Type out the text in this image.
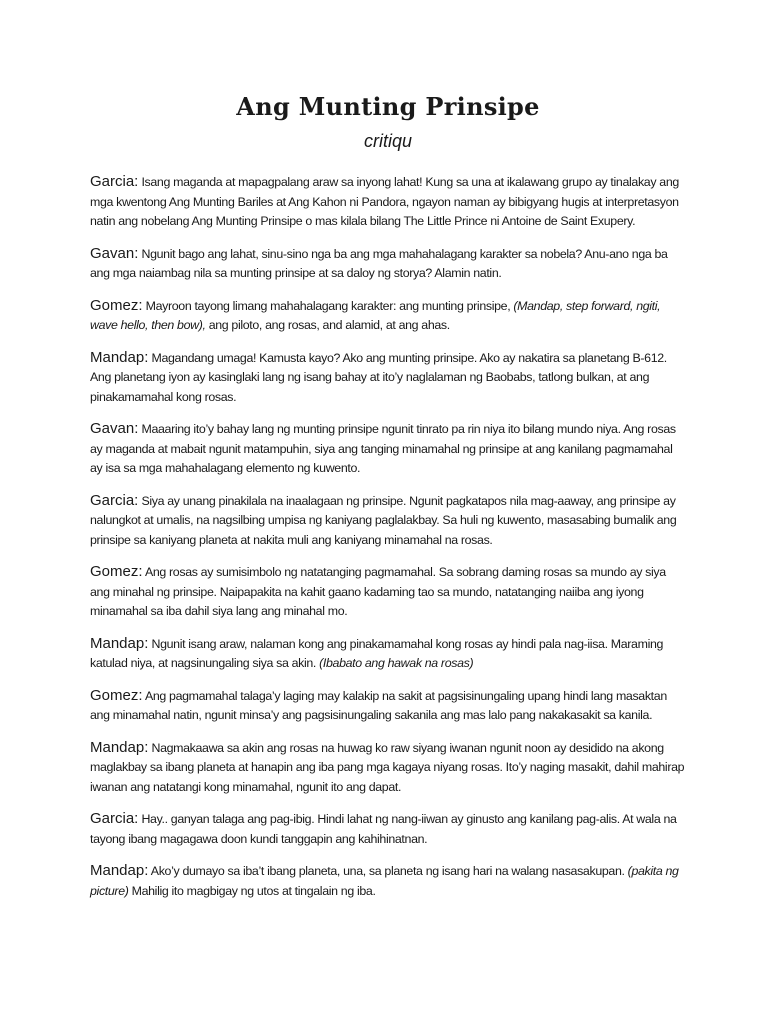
Ang Munting Prinsipe
critiqu

Garcia: Isang maganda at mapagpalang araw sa inyong lahat! Kung sa una at ikalawang grupo ay tinalakay ang mga kwentong Ang Munting Bariles at Ang Kahon ni Pandora, ngayon naman ay bibigyang hugis at interpretasyon natin ang nobelang Ang Munting Prinsipe o mas kilala bilang The Little Prince ni Antoine de Saint Exupery.

Gavan: Ngunit bago ang lahat, sinu-sino nga ba ang mga mahahalagang karakter sa nobela? Anu-ano nga ba ang mga naiambag nila sa munting prinsipe at sa daloy ng storya? Alamin natin.

Gomez: Mayroon tayong limang mahahalagang karakter: ang munting prinsipe, (Mandap, step forward, ngiti, wave hello, then bow), ang piloto, ang rosas, and alamid, at ang ahas.

Mandap: Magandang umaga! Kamusta kayo? Ako ang munting prinsipe. Ako ay nakatira sa planetang B-612. Ang planetang iyon ay kasinglaki lang ng isang bahay at ito’y naglalaman ng Baobabs, tatlong bulkan, at ang pinakamamahal kong rosas.

Gavan: Maaaring ito’y bahay lang ng munting prinsipe ngunit tinrato pa rin niya ito bilang mundo niya. Ang rosas ay maganda at mabait ngunit matampuhin, siya ang tanging minamahal ng prinsipe at ang kanilang pagmamahal ay isa sa mga mahahalagang elemento ng kuwento.

Garcia: Siya ay unang pinakilala na inaalagaan ng prinsipe. Ngunit pagkatapos nila mag-aaway, ang prinsipe ay nalungkot at umalis, na nagsilbing umpisa ng kaniyang paglalakbay. Sa huli ng kuwento, masasabing bumalik ang prinsipe sa kaniyang planeta at nakita muli ang kaniyang minamahal na rosas.

Gomez: Ang rosas ay sumisimbolo ng natatanging pagmamahal. Sa sobrang daming rosas sa mundo ay siya ang minahal ng prinsipe. Naipapakita na kahit gaano kadaming tao sa mundo, natatanging naiiba ang iyong minamahal sa iba dahil siya lang ang minahal mo.

Mandap: Ngunit isang araw, nalaman kong ang pinakamamahal kong rosas ay hindi pala nag-iisa. Maraming katulad niya, at nagsinungaling siya sa akin. (Ibabato ang hawak na rosas)

Gomez: Ang pagmamahal talaga’y laging may kalakip na sakit at pagsisinungaling upang hindi lang masaktan ang minamahal natin, ngunit minsa’y ang pagsisinungaling sakanila ang mas lalo pang nakakasakit sa kanila.

Mandap: Nagmakaawa sa akin ang rosas na huwag ko raw siyang iwanan ngunit noon ay desidido na akong maglakbay sa ibang planeta at hanapin ang iba pang mga kagaya niyang rosas. Ito’y naging masakit, dahil mahirap iwanan ang natatangi kong minamahal, ngunit ito ang dapat.

Garcia: Hay.. ganyan talaga ang pag-ibig. Hindi lahat ng nang-iiwan ay ginusto ang kanilang pag-alis. At wala na tayong ibang magagawa doon kundi tanggapin ang kahihinatnan.

Mandap: Ako’y dumayo sa iba’t ibang planeta, una, sa planeta ng isang hari na walang nasasakupan. (pakita ng picture) Mahilig ito magbigay ng utos at tingalain ng iba.
